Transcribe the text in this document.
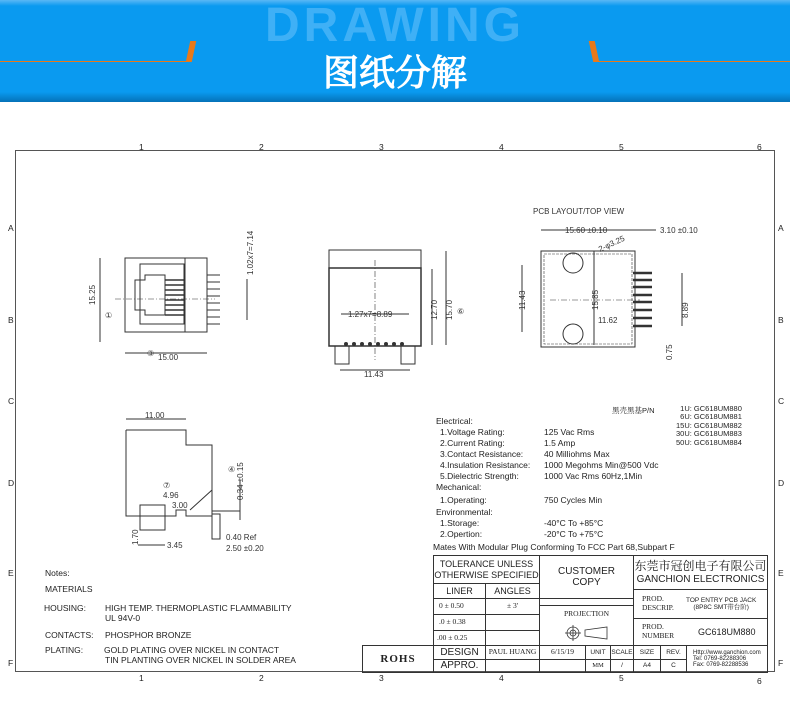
DRAWING
图纸分解
1	2	3	4	5	6
1	2	3	4	5	6
A
B
C
D
E
F
A
B
C
D
E
F
15.25
①
③ 15.00
1.02x7=7.14
1.27x7=8.89	12.70 15.70 ⑥
11.43
PCB LAYOUT/TOP VIEW
15.60 ±0.10	3.10 ±0.10
2-φ3.25
11.43	15.85
11.62
8.89
0.75
11.00
④ 0.34 ±0.15
⑦
4.96
3.00
1.70
3.45
0.40 Ref
2.50 ±0.20
黑壳黑基P/N	1U: GC618UM880
6U: GC618UM881
15U: GC618UM882
30U: GC618UM883
50U: GC618UM884
Electrical:
1.Voltage Rating:	125 Vac Rms
2.Current Rating:	1.5 Amp
3.Contact Resistance: 40 Milliohms Max
4.Insulation Resistance: 1000 Megohms Min@500 Vdc
5.Dielectric Strength:	1000 Vac Rms 60Hz,1Min
Mechanical:
1.Operating:	750 Cycles Min
Environmental:
1.Storage:	-40°C To +85°C
2.Opertion:	-20°C To +75°C
Mates With Modular Plug Conforming To FCC Part 68,Subpart F
Notes:
MATERIALS
HOUSING: HIGH TEMP. THERMOPLASTIC FLAMMABILITY
UL 94V-0
CONTACTS: PHOSPHOR BRONZE
PLATING: GOLD PLATING OVER NICKEL IN CONTACT
TIN PLANTING OVER NICKEL IN SOLDER AREA
TOLERANCE UNLESS OTHERWISE SPECIFIED
LINER	ANGLES
0 ± 0.50
.0 ± 0.38
.00 ± 0.25
± 3'
CUSTOMER COPY
PROJECTION
东莞市冠创电子有限公司
GANCHION ELECTRONICS
PROD. DESCRIP.
TOP ENTRY PCB JACK
(8P8C SMT带台阶)
PROD. NUMBER	GC618UM880
ROHS
DESIGN
APPRO.
PAUL HUANG	6/15/19	UNIT
MM
SCALE
/
SIZE
A4
REV.
C
Http://www.ganchion.com
Tel: 0769-82288306
Fax: 0769-82288536
